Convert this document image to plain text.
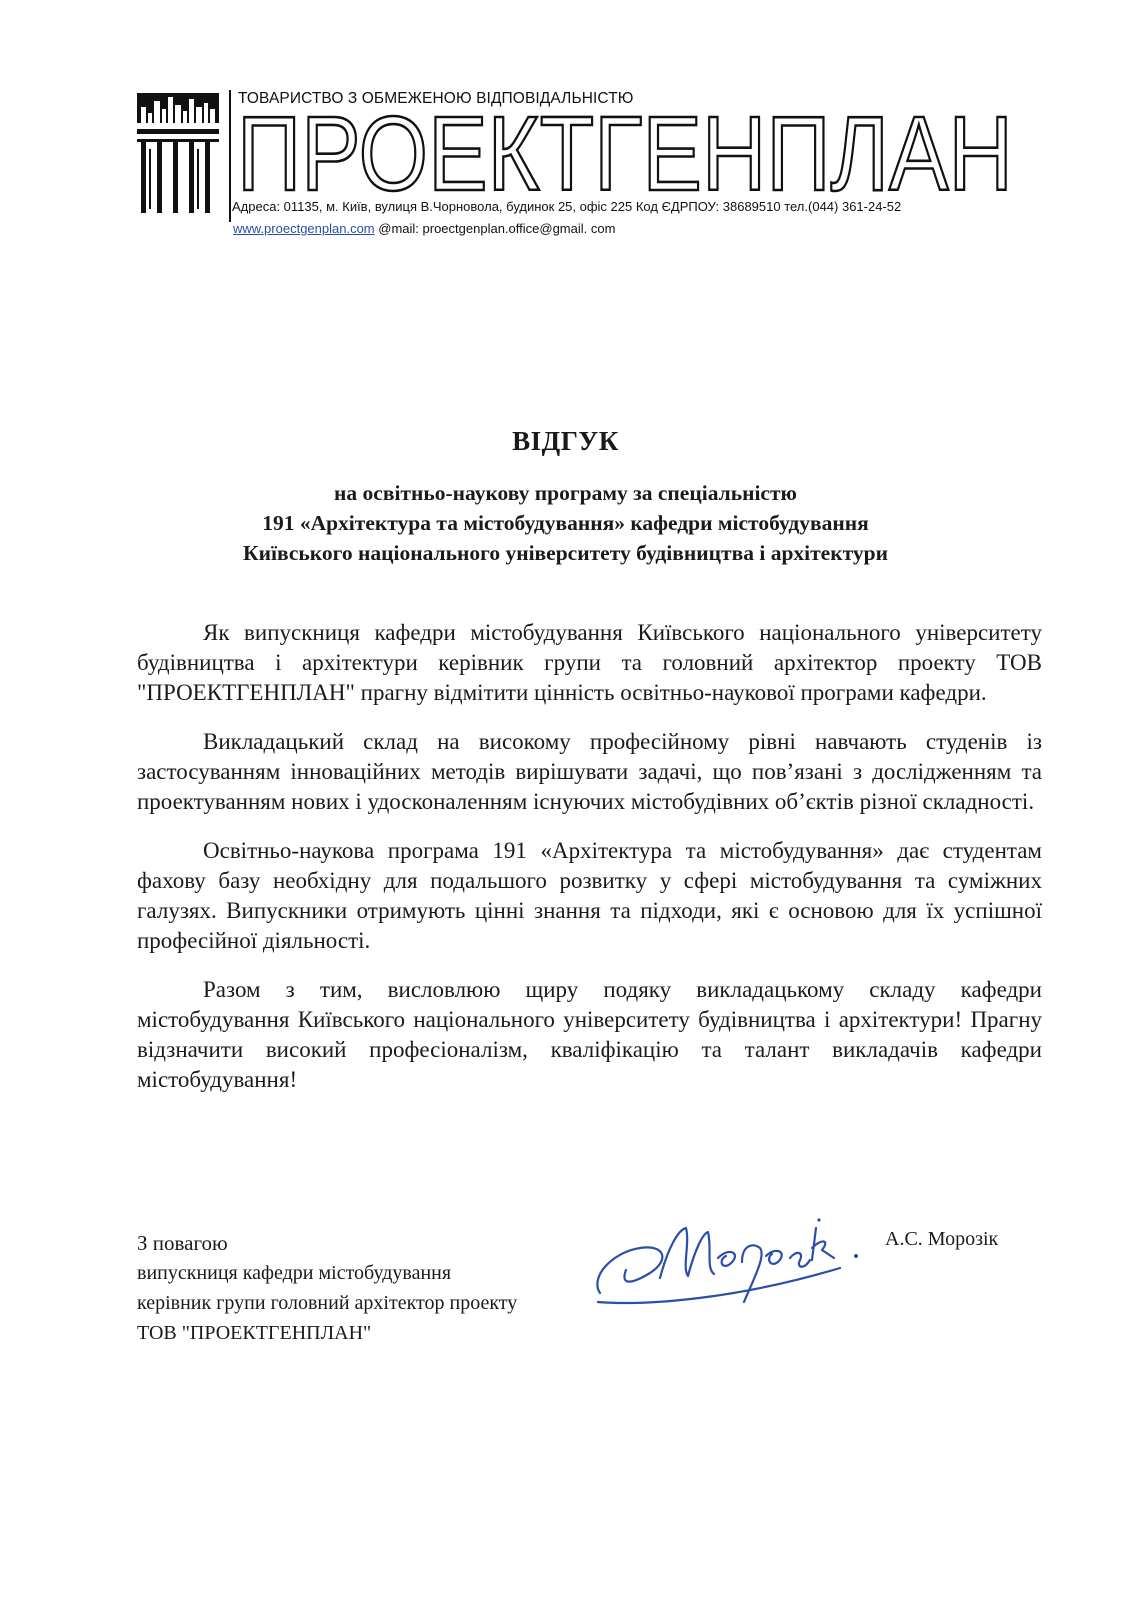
ТОВАРИСТВО З ОБМЕЖЕНОЮ ВІДПОВІДАЛЬНІСТЮ
ПРОЕКТГЕНПЛАН
Адреса: 01135, м. Київ, вулиця В.Чорновола, будинок 25, офіс 225 Код ЄДРПОУ: 38689510 тел.(044) 361-24-52
www.proectgenplan.com @mail: proectgenplan.office@gmail. com
ВІДГУК
на освітньо-наукову програму за спеціальністю
191 «Архітектура та містобудування» кафедри містобудування
Київського національного університету будівництва і архітектури

Як випускниця кафедри містобудування Київського національного університету будівництва і архітектури керівник групи та головний архітектор проекту ТОВ "ПРОЕКТГЕНПЛАН" прагну відмітити цінність освітньо-наукової програми кафедри.

Викладацький склад на високому професійному рівні навчають студенів із застосуванням інноваційних методів вирішувати задачі, що пов’язані з дослідженням та проектуванням нових і удосконаленням існуючих містобудівних об’єктів різної складності.

Освітньо-наукова програма 191 «Архітектура та містобудування» дає студентам фахову базу необхідну для подальшого розвитку у сфері містобудування та суміжних галузях. Випускники отримують цінні знання та підходи, які є основою для їх успішної професійної діяльності.

Разом з тим, висловлюю щиру подяку викладацькому складу кафедри містобудування Київського національного університету будівництва і архітектури! Прагну відзначити високий професіоналізм, кваліфікацію та талант викладачів кафедри містобудування!

З повагою
випускниця кафедри містобудування
керівник групи головний архітектор проекту
ТОВ "ПРОЕКТГЕНПЛАН"
А.С. Морозік
